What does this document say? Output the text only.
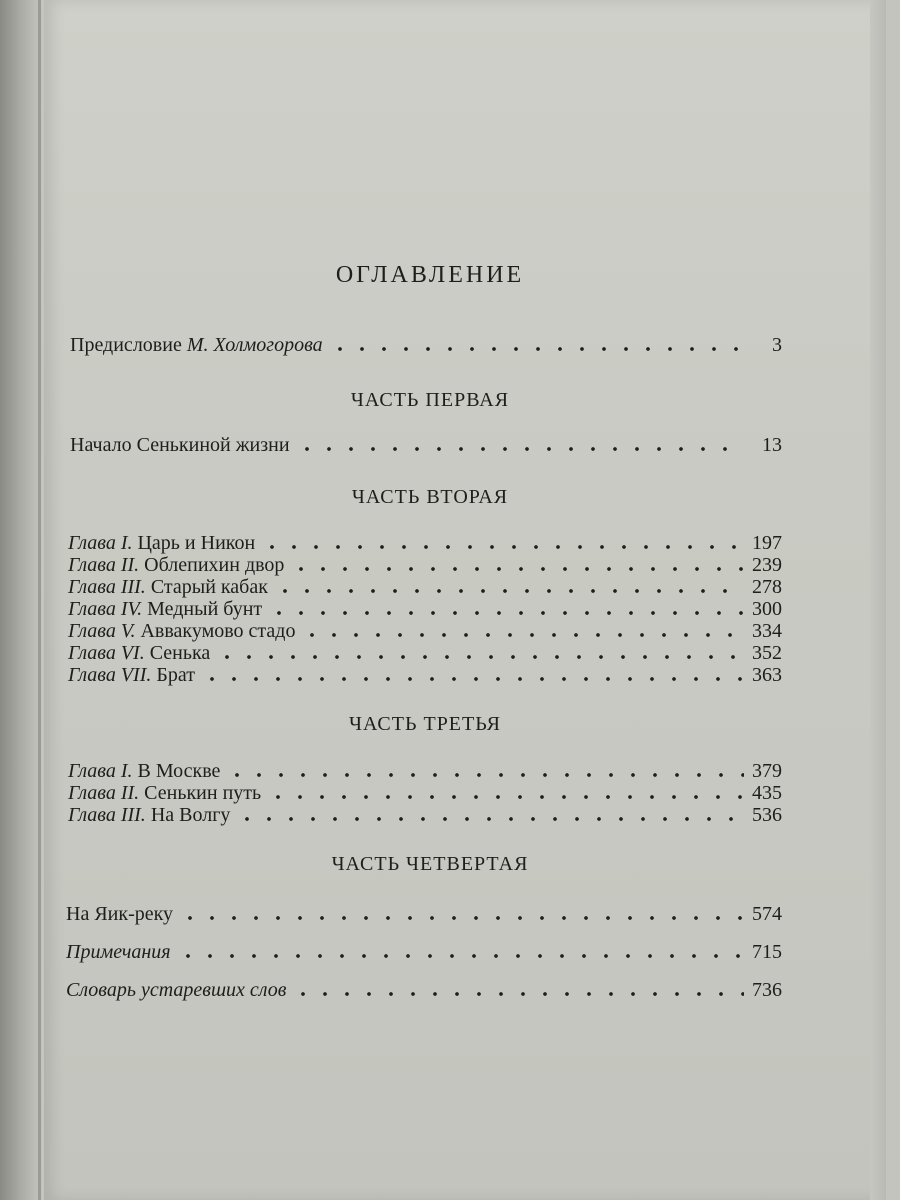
ОГЛАВЛЕНИЕ
Предисловие М. Холмогорова	3
ЧАСТЬ ПЕРВАЯ
Начало Сенькиной жизни	13
ЧАСТЬ ВТОРАЯ
Глава I. Царь и Никон	197
Глава II. Облепихин двор	239
Глава III. Старый кабак	278
Глава IV. Медный бунт	300
Глава V. Аввакумово стадо	334
Глава VI. Сенька	352
Глава VII. Брат	363
ЧАСТЬ ТРЕТЬЯ
Глава I. В Москве	379
Глава II. Сенькин путь	435
Глава III. На Волгу	536
ЧАСТЬ ЧЕТВЕРТАЯ
На Яик-реку	574
Примечания	715
Словарь устаревших слов	736
